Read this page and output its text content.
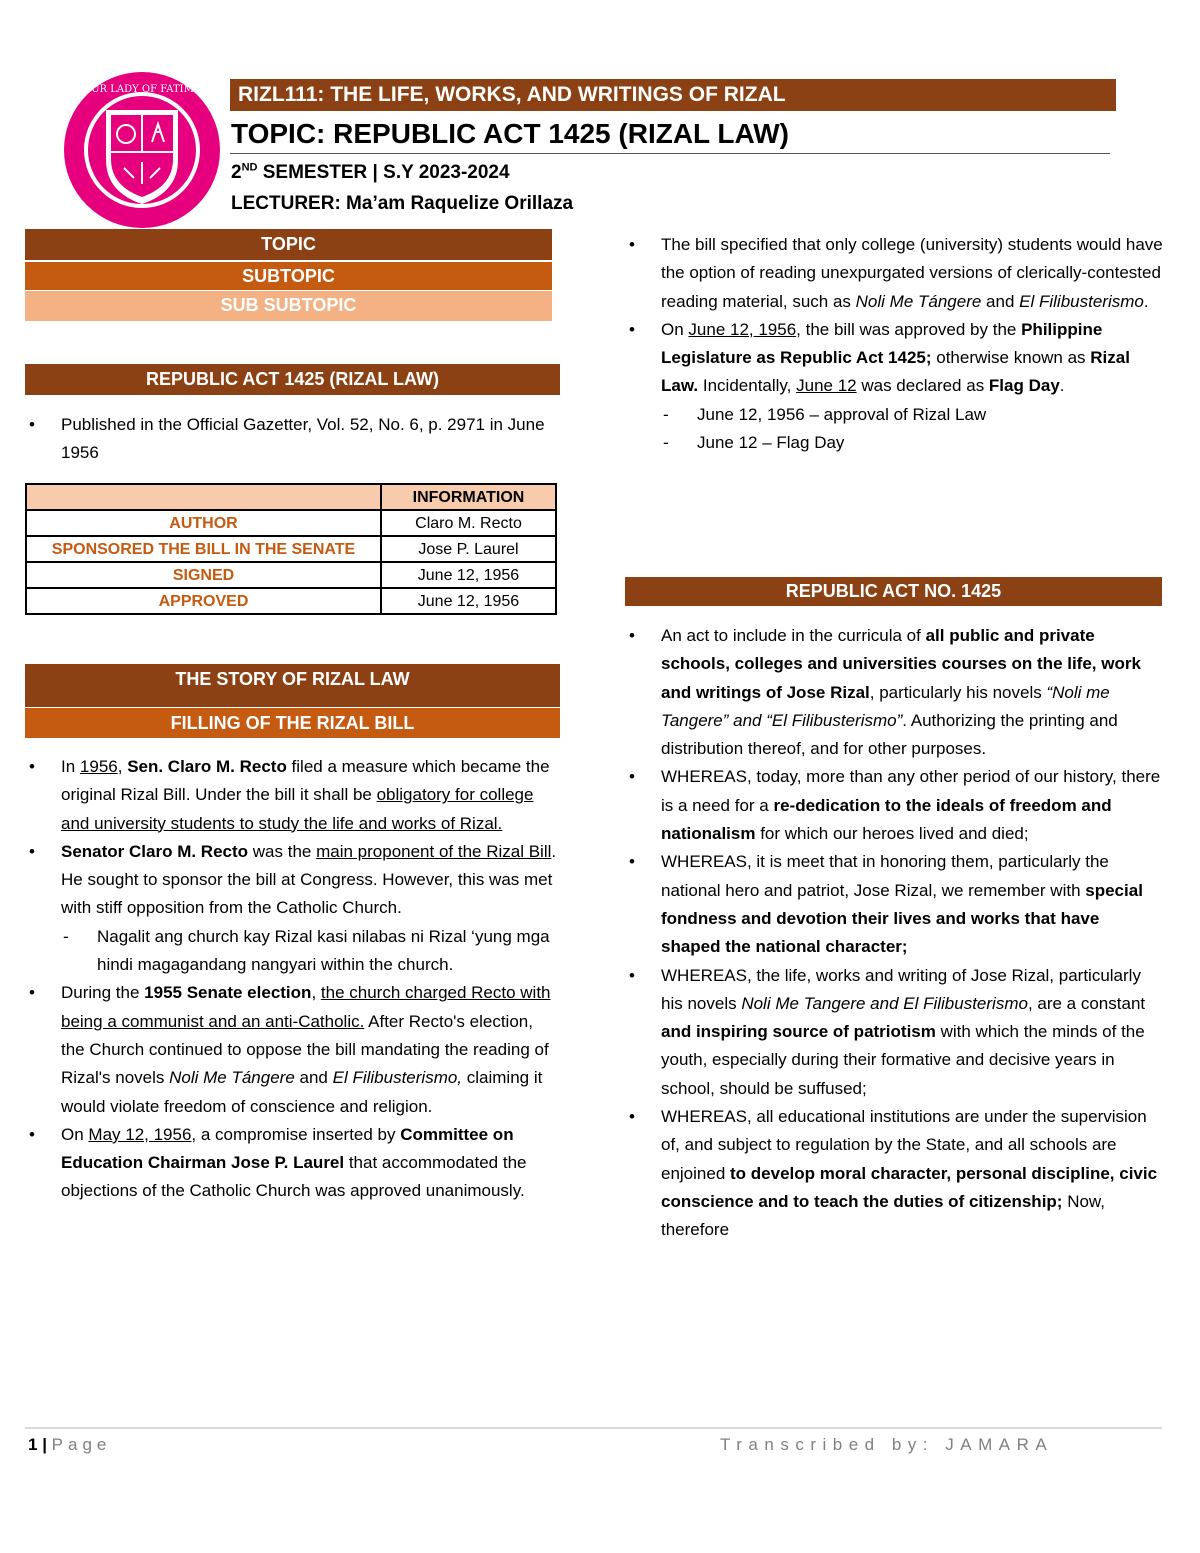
OUR LADY OF FATIMA	RIZL111: THE LIFE, WORKS, AND WRITINGS OF RIZAL
TOPIC: REPUBLIC ACT 1425 (RIZAL LAW)
2ND SEMESTER | S.Y 2023-2024
LECTURER: Ma’am Raquelize Orillaza
TOPIC
SUBTOPIC
SUB SUBTOPIC
REPUBLIC ACT 1425 (RIZAL LAW)
• Published in the Official Gazetter, Vol. 52, No. 6, p. 2971 in June 1956
	INFORMATION
AUTHOR	Claro M. Recto
SPONSORED THE BILL IN THE SENATE	Jose P. Laurel
SIGNED	June 12, 1956
APPROVED	June 12, 1956
THE STORY OF RIZAL LAW
FILLING OF THE RIZAL BILL
• In 1956, Sen. Claro M. Recto filed a measure which became the original Rizal Bill. Under the bill it shall be obligatory for college and university students to study the life and works of Rizal.
• Senator Claro M. Recto was the main proponent of the Rizal Bill. He sought to sponsor the bill at Congress. However, this was met with stiff opposition from the Catholic Church.
- Nagalit ang church kay Rizal kasi nilabas ni Rizal ‘yung mga hindi magagandang nangyari within the church.
• During the 1955 Senate election, the church charged Recto with being a communist and an anti-Catholic. After Recto's election, the Church continued to oppose the bill mandating the reading of Rizal's novels Noli Me Tángere and El Filibusterismo, claiming it would violate freedom of conscience and religion.
• On May 12, 1956, a compromise inserted by Committee on Education Chairman Jose P. Laurel that accommodated the objections of the Catholic Church was approved unanimously.
• The bill specified that only college (university) students would have the option of reading unexpurgated versions of clerically-contested reading material, such as Noli Me Tángere and El Filibusterismo.
• On June 12, 1956, the bill was approved by the Philippine Legislature as Republic Act 1425; otherwise known as Rizal Law. Incidentally, June 12 was declared as Flag Day.
- June 12, 1956 – approval of Rizal Law
- June 12 – Flag Day
REPUBLIC ACT NO. 1425
• An act to include in the curricula of all public and private schools, colleges and universities courses on the life, work and writings of Jose Rizal, particularly his novels “Noli me Tangere” and “El Filibusterismo”. Authorizing the printing and distribution thereof, and for other purposes.
• WHEREAS, today, more than any other period of our history, there is a need for a re-dedication to the ideals of freedom and nationalism for which our heroes lived and died;
• WHEREAS, it is meet that in honoring them, particularly the national hero and patriot, Jose Rizal, we remember with special fondness and devotion their lives and works that have shaped the national character;
• WHEREAS, the life, works and writing of Jose Rizal, particularly his novels Noli Me Tangere and El Filibusterismo, are a constant and inspiring source of patriotism with which the minds of the youth, especially during their formative and decisive years in school, should be suffused;
• WHEREAS, all educational institutions are under the supervision of, and subject to regulation by the State, and all schools are enjoined to develop moral character, personal discipline, civic conscience and to teach the duties of citizenship; Now, therefore
1 | Page	Transcribed by: JAMARA
